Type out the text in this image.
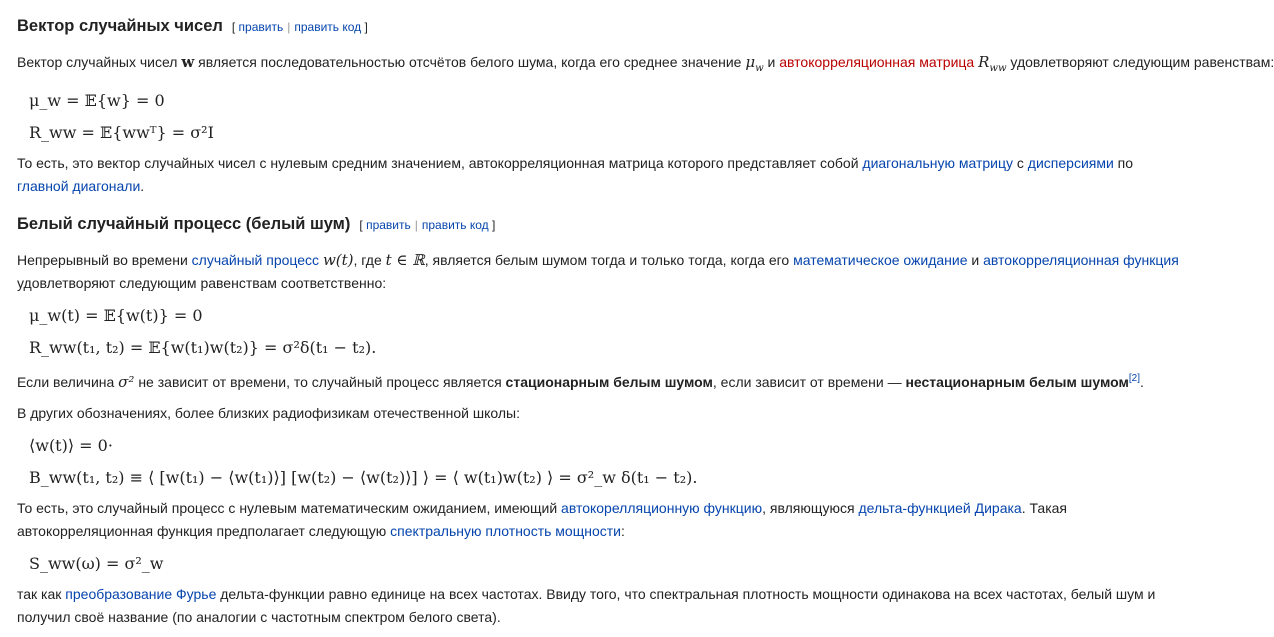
Вектор случайных чисел [ править | править код ]

Вектор случайных чисел w является последовательностью отсчётов белого шума, когда его среднее значение $\mu_w$ и автокорреляционная матрица $R_{ww}$ удовлетворяют следующим равенствам:

μ_w = 𝔼{w} = 0
R_ww = 𝔼{wwᵀ} = σ²I

То есть, это вектор случайных чисел с нулевым средним значением, автокорреляционная матрица которого представляет собой диагональную матрицу с дисперсиями по главной диагонали.

Белый случайный процесс (белый шум) [ править | править код ]

Непрерывный во времени случайный процесс w(t), где t ∈ ℝ, является белым шумом тогда и только тогда, когда его математическое ожидание и автокорреляционная функция удовлетворяют следующим равенствам соответственно:

μ_w(t) = 𝔼{w(t)} = 0
R_ww(t₁, t₂) = 𝔼{w(t₁)w(t₂)} = σ²δ(t₁ − t₂).

Если величина σ² не зависит от времени, то случайный процесс является стационарным белым шумом, если зависит от времени — нестационарным белым шумом[2].

В других обозначениях, более близких радиофизикам отечественной школы:

⟨w(t)⟩ = 0·
B_ww(t₁, t₂) ≡ ⟨ [w(t₁) − ⟨w(t₁)⟩] [w(t₂) − ⟨w(t₂)⟩] ⟩ = ⟨ w(t₁)w(t₂) ⟩ = σ²_w δ(t₁ − t₂).

То есть, это случайный процесс с нулевым математическим ожиданием, имеющий автокорелляционную функцию, являющуюся дельта-функцией Дирака. Такая автокорреляционная функция предполагает следующую спектральную плотность мощности:

S_ww(ω) = σ²_w

так как преобразование Фурье дельта-функции равно единице на всех частотах. Ввиду того, что спектральная плотность мощности одинакова на всех частотах, белый шум и получил своё название (по аналогии с частотным спектром белого света).
